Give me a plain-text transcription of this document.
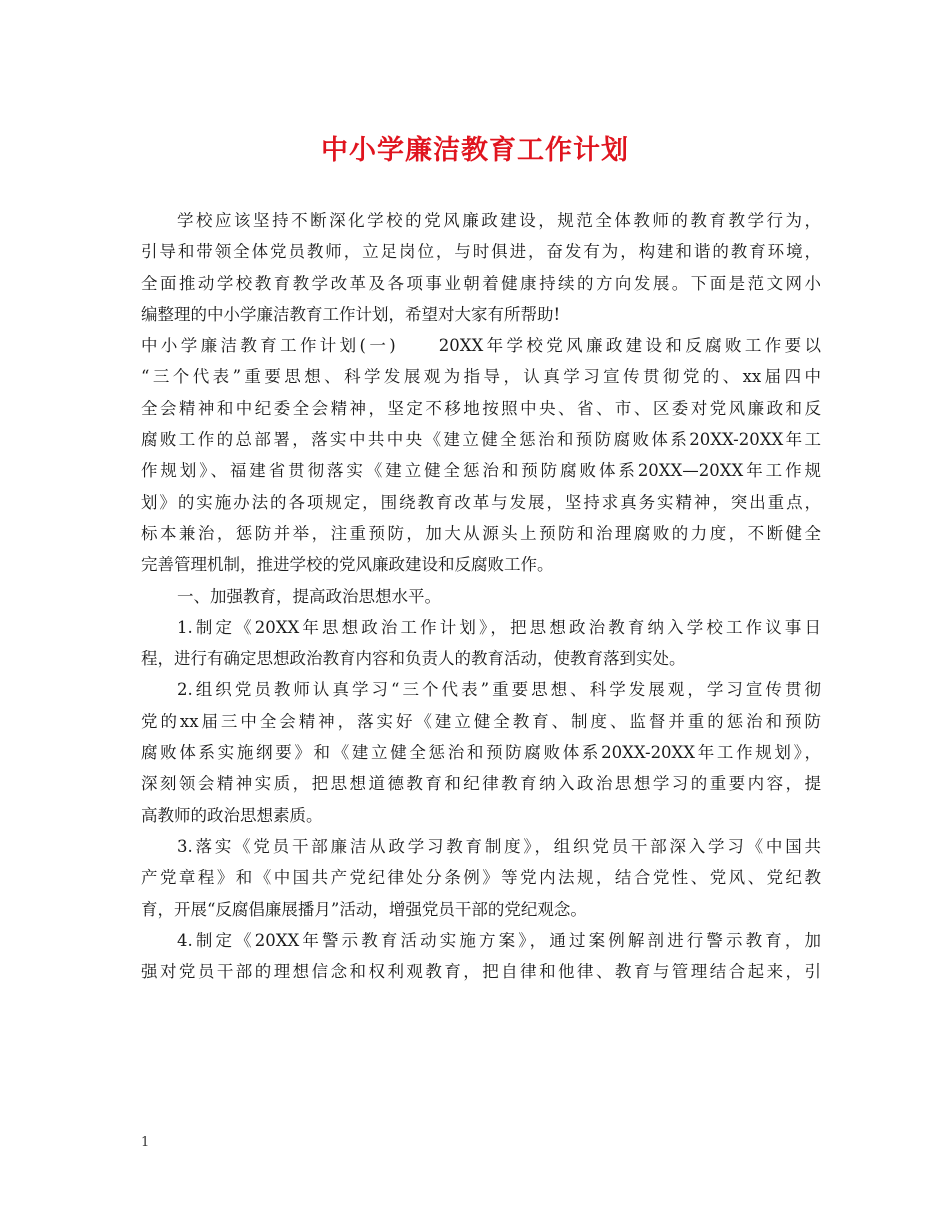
中小学廉洁教育工作计划
学校应该坚持不断深化学校的党风廉政建设，规范全体教师的教育教学行为，
引导和带领全体党员教师，立足岗位，与时俱进，奋发有为，构建和谐的教育环境，
全面推动学校教育教学改革及各项事业朝着健康持续的方向发展。下面是范文网小
编整理的中小学廉洁教育工作计划，希望对大家有所帮助!
中小学廉洁教育工作计划(一)　　20XX年学校党风廉政建设和反腐败工作要以
“三个代表”重要思想、科学发展观为指导，认真学习宣传贯彻党的、xx届四中
全会精神和中纪委全会精神，坚定不移地按照中央、省、市、区委对党风廉政和反
腐败工作的总部署，落实中共中央《建立健全惩治和预防腐败体系20XX-20XX年工
作规划》、福建省贯彻落实《建立健全惩治和预防腐败体系20XX—20XX年工作规
划》的实施办法的各项规定，围绕教育改革与发展，坚持求真务实精神，突出重点，
标本兼治，惩防并举，注重预防，加大从源头上预防和治理腐败的力度，不断健全
完善管理机制，推进学校的党风廉政建设和反腐败工作。
一、加强教育，提高政治思想水平。
1.制定《20XX年思想政治工作计划》，把思想政治教育纳入学校工作议事日
程，进行有确定思想政治教育内容和负责人的教育活动，使教育落到实处。
2.组织党员教师认真学习“三个代表”重要思想、科学发展观，学习宣传贯彻
党的xx届三中全会精神，落实好《建立健全教育、制度、监督并重的惩治和预防
腐败体系实施纲要》和《建立健全惩治和预防腐败体系20XX-20XX年工作规划》，
深刻领会精神实质，把思想道德教育和纪律教育纳入政治思想学习的重要内容，提
高教师的政治思想素质。
3.落实《党员干部廉洁从政学习教育制度》，组织党员干部深入学习《中国共
产党章程》和《中国共产党纪律处分条例》等党内法规，结合党性、党风、党纪教
育，开展“反腐倡廉展播月”活动，增强党员干部的党纪观念。
4.制定《20XX年警示教育活动实施方案》，通过案例解剖进行警示教育，加
强对党员干部的理想信念和权利观教育，把自律和他律、教育与管理结合起来，引
1
